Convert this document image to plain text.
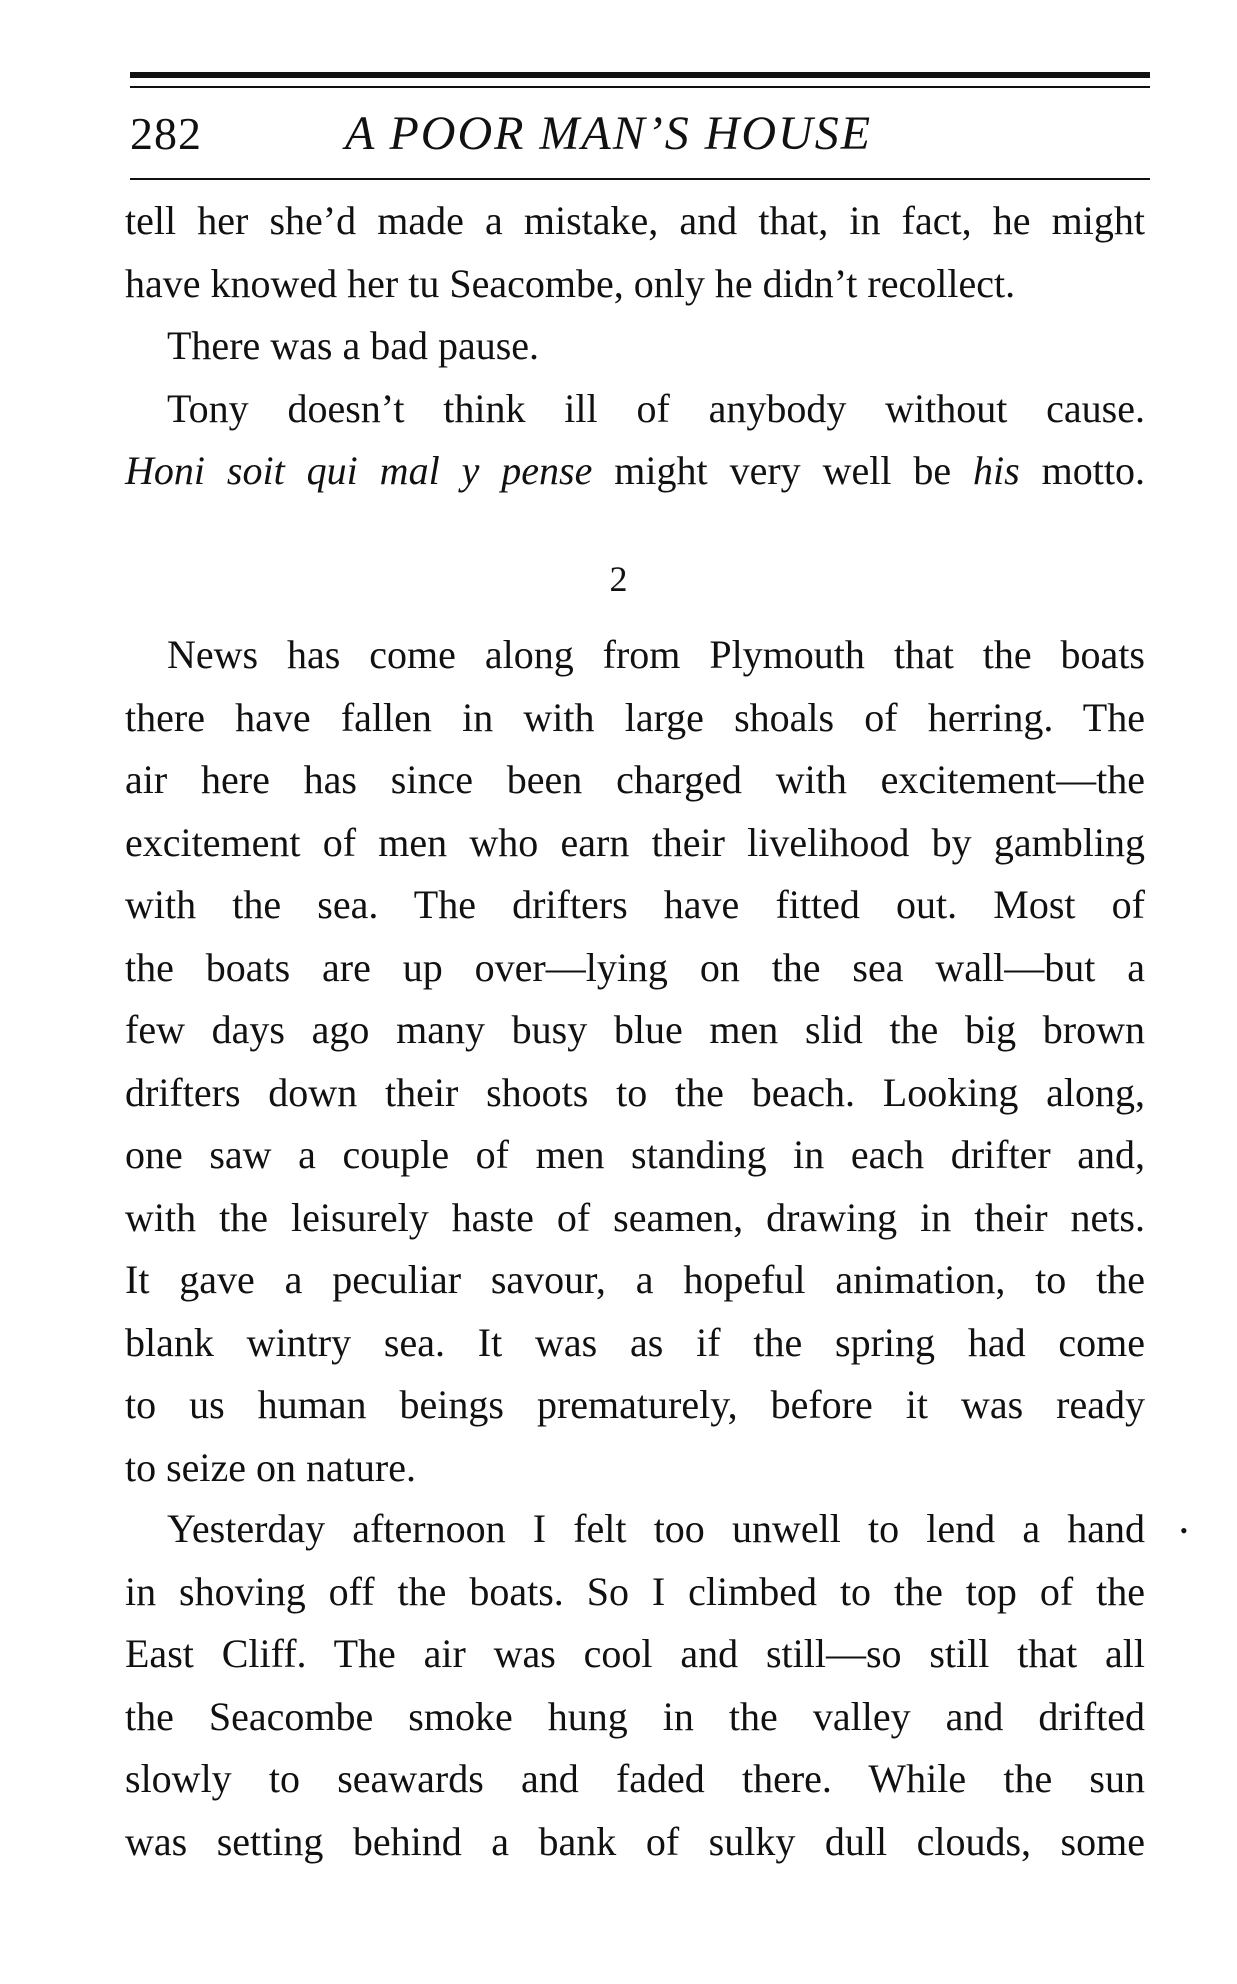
282	A POOR MAN’S HOUSE
tell her she’d made a mistake, and that, in fact, he might
have knowed her tu Seacombe, only he didn’t recollect.
There was a bad pause.
Tony doesn’t think ill of anybody without cause.
Honi soit qui mal y pense might very well be his motto.
2
News has come along from Plymouth that the boats
there have fallen in with large shoals of herring. The
air here has since been charged with excitement—the
excitement of men who earn their livelihood by gambling
with the sea. The drifters have fitted out. Most of
the boats are up over—lying on the sea wall—but a
few days ago many busy blue men slid the big brown
drifters down their shoots to the beach. Looking along,
one saw a couple of men standing in each drifter and,
with the leisurely haste of seamen, drawing in their nets.
It gave a peculiar savour, a hopeful animation, to the
blank wintry sea. It was as if the spring had come
to us human beings prematurely, before it was ready
to seize on nature.
Yesterday afternoon I felt too unwell to lend a hand
in shoving off the boats. So I climbed to the top of the
East Cliff. The air was cool and still—so still that all
the Seacombe smoke hung in the valley and drifted
slowly to seawards and faded there. While the sun
was setting behind a bank of sulky dull clouds, some
•
